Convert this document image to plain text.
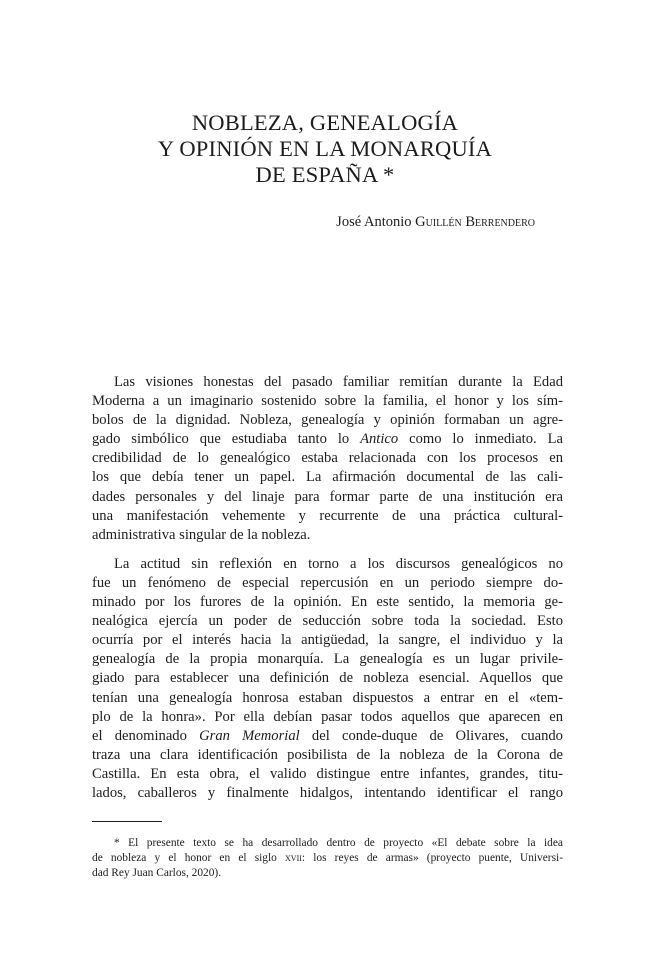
NOBLEZA, GENEALOGÍA
Y OPINIÓN EN LA MONARQUÍA
DE ESPAÑA *
José Antonio Guillén Berrendero
Las visiones honestas del pasado familiar remitían durante la Edad
Moderna a un imaginario sostenido sobre la familia, el honor y los sím-
bolos de la dignidad. Nobleza, genealogía y opinión formaban un agre-
gado simbólico que estudiaba tanto lo Antico como lo inmediato. La
credibilidad de lo genealógico estaba relacionada con los procesos en
los que debía tener un papel. La afirmación documental de las cali-
dades personales y del linaje para formar parte de una institución era
una manifestación vehemente y recurrente de una práctica cultural-
administrativa singular de la nobleza.
La actitud sin reflexión en torno a los discursos genealógicos no
fue un fenómeno de especial repercusión en un periodo siempre do-
minado por los furores de la opinión. En este sentido, la memoria ge-
nealógica ejercía un poder de seducción sobre toda la sociedad. Esto
ocurría por el interés hacia la antigüedad, la sangre, el individuo y la
genealogía de la propia monarquía. La genealogía es un lugar privile-
giado para establecer una definición de nobleza esencial. Aquellos que
tenían una genealogía honrosa estaban dispuestos a entrar en el «tem-
plo de la honra». Por ella debían pasar todos aquellos que aparecen en
el denominado Gran Memorial del conde-duque de Olivares, cuando
traza una clara identificación posibilista de la nobleza de la Corona de
Castilla. En esta obra, el valido distingue entre infantes, grandes, titu-
lados, caballeros y finalmente hidalgos, intentando identificar el rango
* El presente texto se ha desarrollado dentro de proyecto «El debate sobre la idea
de nobleza y el honor en el siglo xvii: los reyes de armas» (proyecto puente, Universi-
dad Rey Juan Carlos, 2020).
